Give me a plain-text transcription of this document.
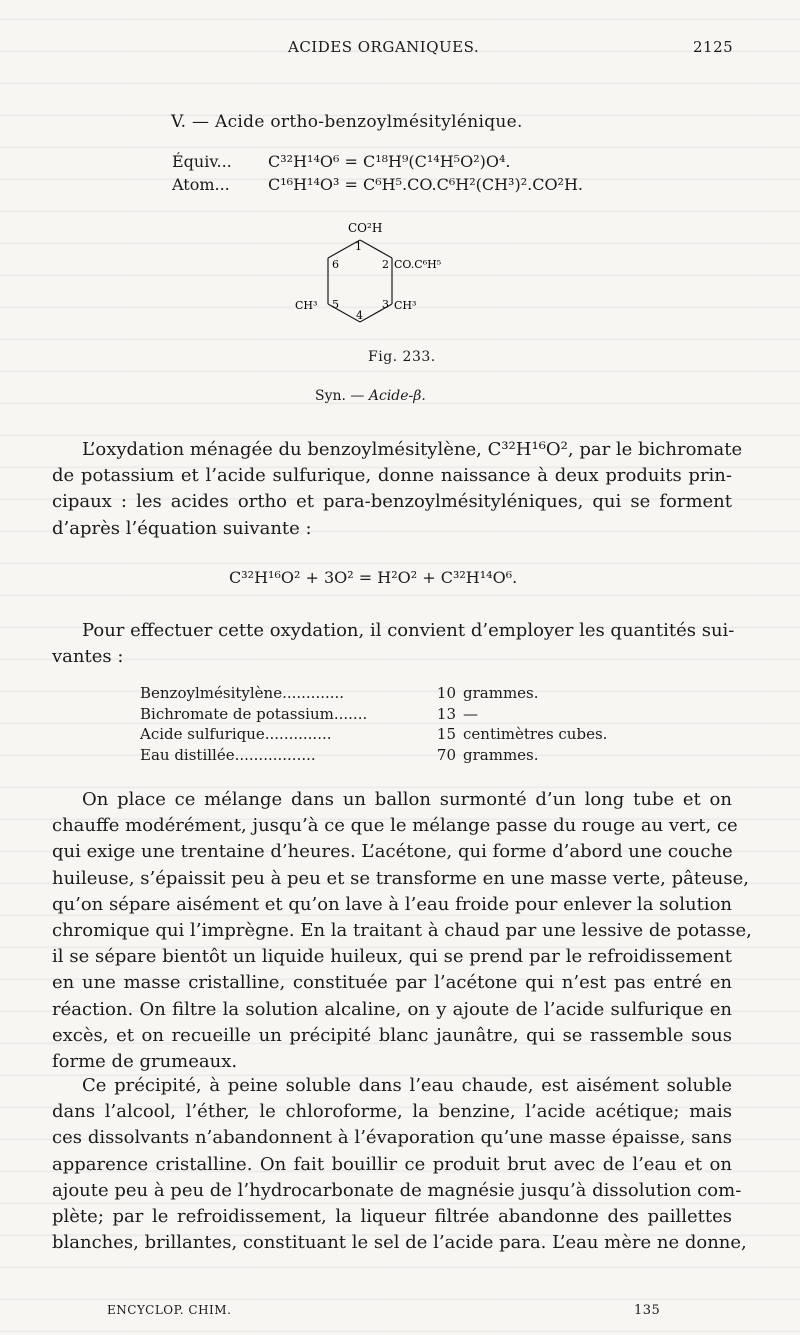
ACIDES ORGANIQUES.	2125
V. — Acide ortho-benzoylmésitylénique.
Équiv... C³²H¹⁴O⁶ = C¹⁸H⁹(C¹⁴H⁵O²)O⁴.
Atom... C¹⁶H¹⁴O³ = C⁶H⁵.CO.C⁶H²(CH³)².CO²H.
CO²H
1
2
3
4
5
6	CO.C⁶H⁵
CH³	CH³
Fig. 233.
Syn. — Acide-β.
L’oxydation ménagée du benzoylmésitylène, C³²H¹⁶O², par le bichromate
de potassium et l’acide sulfurique, donne naissance à deux produits prin-
cipaux : les acides ortho et para-benzoylmésityléniques, qui se forment
d’après l’équation suivante :
C³²H¹⁶O² + 3O² = H²O² + C³²H¹⁴O⁶.
Pour effectuer cette oxydation, il convient d’employer les quantités sui-
vantes :
Benzoylmésitylène.............	10 grammes.
Bichromate de potassium.......	13 —
Acide sulfurique..............	15 centimètres cubes.
Eau distillée.................	70 grammes.
On place ce mélange dans un ballon surmonté d’un long tube et on
chauffe modérément, jusqu’à ce que le mélange passe du rouge au vert, ce
qui exige une trentaine d’heures. L’acétone, qui forme d’abord une couche
huileuse, s’épaissit peu à peu et se transforme en une masse verte, pâteuse,
qu’on sépare aisément et qu’on lave à l’eau froide pour enlever la solution
chromique qui l’imprègne. En la traitant à chaud par une lessive de potasse,
il se sépare bientôt un liquide huileux, qui se prend par le refroidissement
en une masse cristalline, constituée par l’acétone qui n’est pas entré en
réaction. On filtre la solution alcaline, on y ajoute de l’acide sulfurique en
excès, et on recueille un précipité blanc jaunâtre, qui se rassemble sous
forme de grumeaux.
Ce précipité, à peine soluble dans l’eau chaude, est aisément soluble
dans l’alcool, l’éther, le chloroforme, la benzine, l’acide acétique; mais
ces dissolvants n’abandonnent à l’évaporation qu’une masse épaisse, sans
apparence cristalline. On fait bouillir ce produit brut avec de l’eau et on
ajoute peu à peu de l’hydrocarbonate de magnésie jusqu’à dissolution com-
plète; par le refroidissement, la liqueur filtrée abandonne des paillettes
blanches, brillantes, constituant le sel de l’acide para. L’eau mère ne donne,
ENCYCLOP. CHIM.	135
